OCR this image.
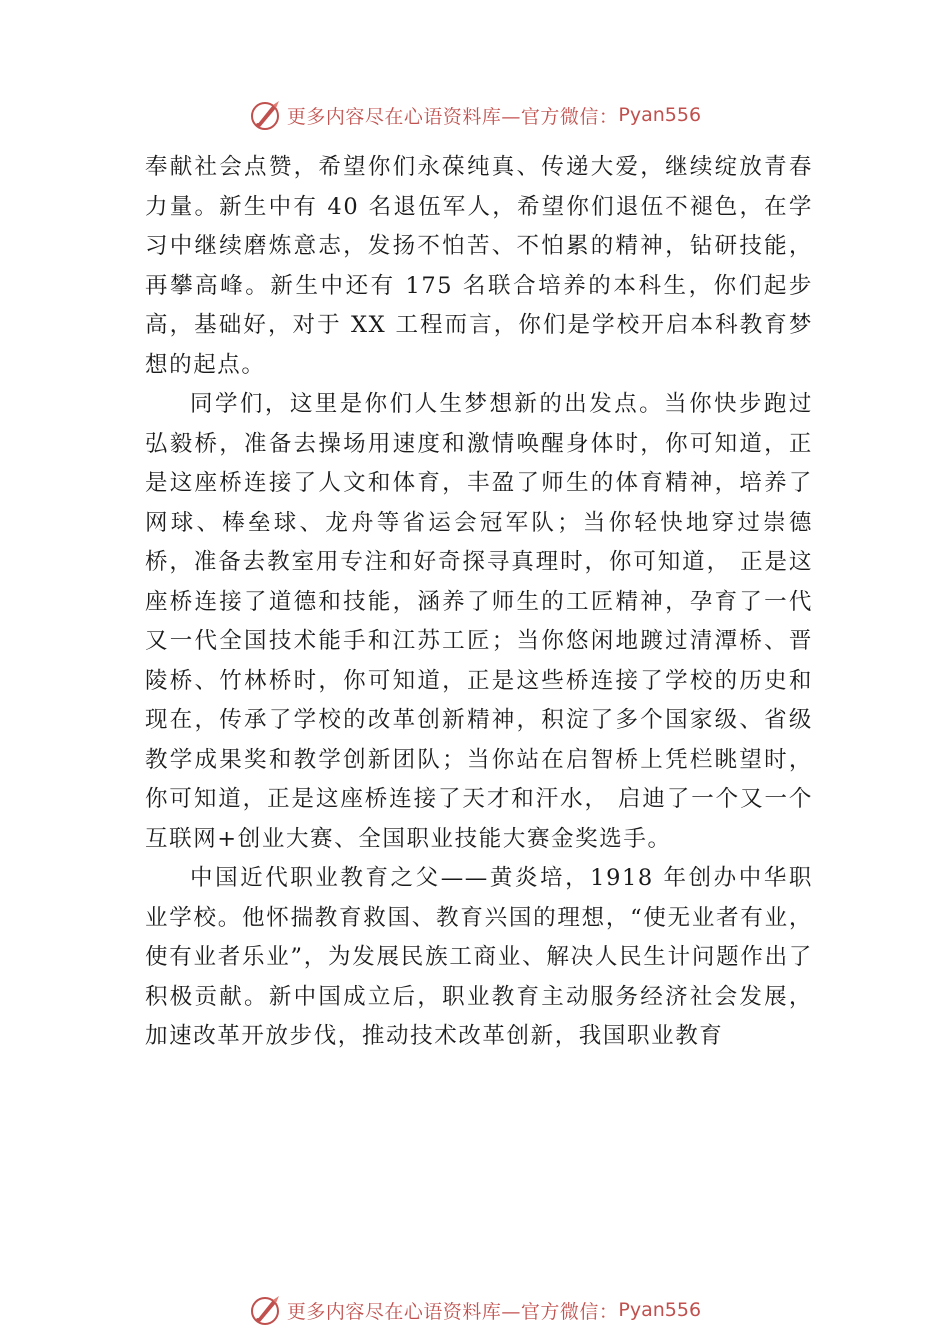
更多内容尽在心语资料库—官方微信： Pyan556

奉献社会点赞，希望你们永葆纯真、传递大爱，继续绽放青春力量。新生中有 40 名退伍军人，希望你们退伍不褪色，在学习中继续磨炼意志，发扬不怕苦、不怕累的精神，钻研技能，再攀高峰。新生中还有 175 名联合培养的本科生，你们起步高，基础好，对于 XX 工程而言，你们是学校开启本科教育梦想的起点。

同学们，这里是你们人生梦想新的出发点。当你快步跑过弘毅桥，准备去操场用速度和激情唤醒身体时，你可知道，正是这座桥连接了人文和体育，丰盈了师生的体育精神，培养了网球、棒垒球、龙舟等省运会冠军队；当你轻快地穿过崇德桥，准备去教室用专注和好奇探寻真理时，你可知道， 正是这座桥连接了道德和技能，涵养了师生的工匠精神，孕育了一代又一代全国技术能手和江苏工匠；当你悠闲地踱过清潭桥、晋陵桥、竹林桥时，你可知道，正是这些桥连接了学校的历史和现在，传承了学校的改革创新精神，积淀了多个国家级、省级教学成果奖和教学创新团队；当你站在启智桥上凭栏眺望时，你可知道，正是这座桥连接了天才和汗水， 启迪了一个又一个互联网+创业大赛、全国职业技能大赛金奖选手。

中国近代职业教育之父——黄炎培，1918 年创办中华职业学校。他怀揣教育救国、教育兴国的理想，“使无业者有业，使有业者乐业”，为发展民族工商业、解决人民生计问题作出了积极贡献。新中国成立后，职业教育主动服务经济社会发展，加速改革开放步伐，推动技术改革创新，我国职业教育

更多内容尽在心语资料库—官方微信： Pyan556
